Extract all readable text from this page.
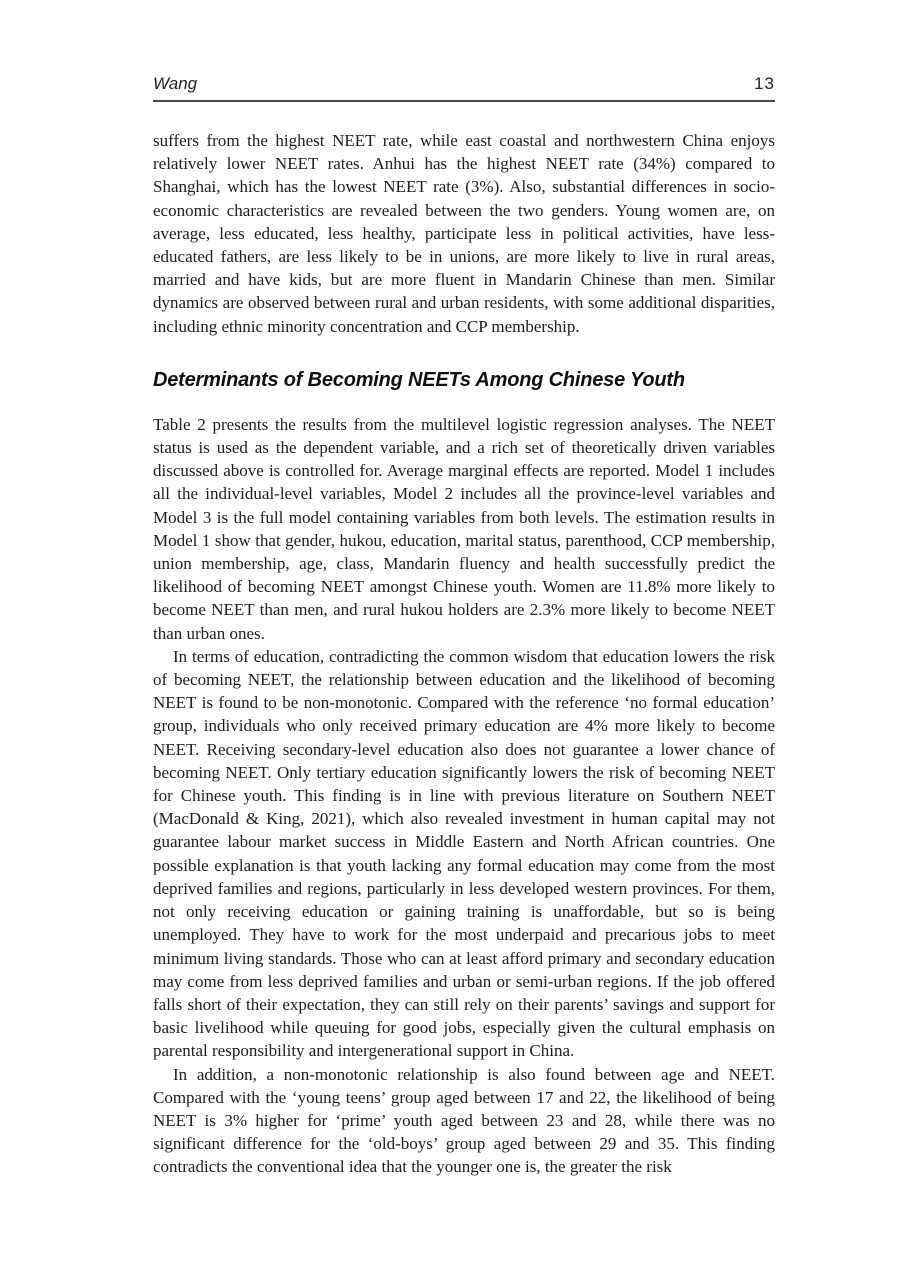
Wang	13

suffers from the highest NEET rate, while east coastal and northwestern China enjoys relatively lower NEET rates. Anhui has the highest NEET rate (34%) compared to Shanghai, which has the lowest NEET rate (3%). Also, substantial differences in socio-economic characteristics are revealed between the two genders. Young women are, on average, less educated, less healthy, participate less in political activities, have less-educated fathers, are less likely to be in unions, are more likely to live in rural areas, married and have kids, but are more fluent in Mandarin Chinese than men. Similar dynamics are observed between rural and urban residents, with some additional disparities, including ethnic minority concentration and CCP membership.

Determinants of Becoming NEETs Among Chinese Youth

Table 2 presents the results from the multilevel logistic regression analyses. The NEET status is used as the dependent variable, and a rich set of theoretically driven variables discussed above is controlled for. Average marginal effects are reported. Model 1 includes all the individual-level variables, Model 2 includes all the province-level variables and Model 3 is the full model containing variables from both levels. The estimation results in Model 1 show that gender, hukou, education, marital status, parenthood, CCP membership, union membership, age, class, Mandarin fluency and health successfully predict the likelihood of becoming NEET amongst Chinese youth. Women are 11.8% more likely to become NEET than men, and rural hukou holders are 2.3% more likely to become NEET than urban ones.

In terms of education, contradicting the common wisdom that education lowers the risk of becoming NEET, the relationship between education and the likelihood of becoming NEET is found to be non-monotonic. Compared with the reference ‘no formal education’ group, individuals who only received primary education are 4% more likely to become NEET. Receiving secondary-level education also does not guarantee a lower chance of becoming NEET. Only tertiary education significantly lowers the risk of becoming NEET for Chinese youth. This finding is in line with previous literature on Southern NEET (MacDonald & King, 2021), which also revealed investment in human capital may not guarantee labour market success in Middle Eastern and North African countries. One possible explanation is that youth lacking any formal education may come from the most deprived families and regions, particularly in less developed western provinces. For them, not only receiving education or gaining training is unaffordable, but so is being unemployed. They have to work for the most underpaid and precarious jobs to meet minimum living standards. Those who can at least afford primary and secondary education may come from less deprived families and urban or semi-urban regions. If the job offered falls short of their expectation, they can still rely on their parents’ savings and support for basic livelihood while queuing for good jobs, especially given the cultural emphasis on parental responsibility and intergenerational support in China.

In addition, a non-monotonic relationship is also found between age and NEET. Compared with the ‘young teens’ group aged between 17 and 22, the likelihood of being NEET is 3% higher for ‘prime’ youth aged between 23 and 28, while there was no significant difference for the ‘old-boys’ group aged between 29 and 35. This finding contradicts the conventional idea that the younger one is, the greater the risk
